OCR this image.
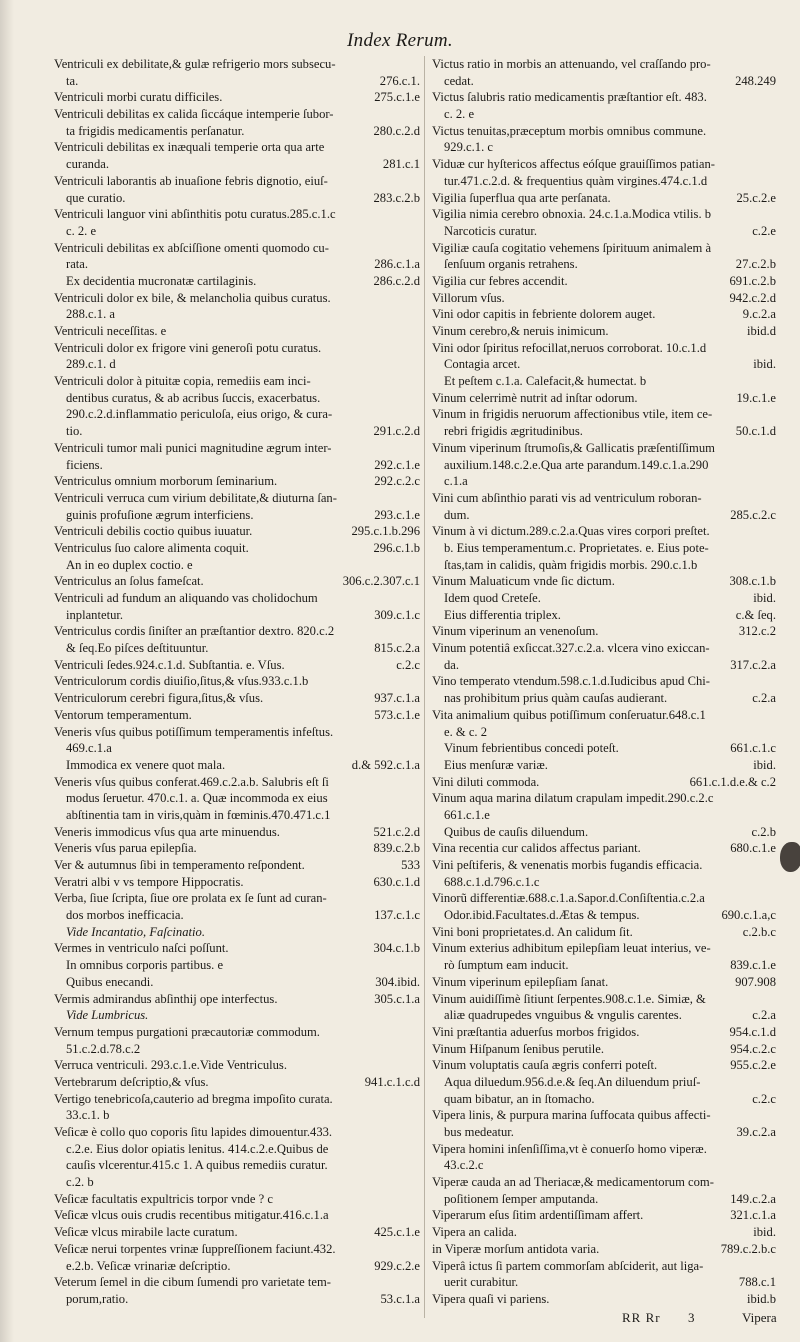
Index Rerum.
Ventriculi ex debilitate,& gulæ refrigerio mors subsecu-
ta.	276.c.1.
Ventriculi morbi curatu difficiles.	275.c.1.e
Ventriculi debilitas ex calida ſiccáque intemperie ſubor-
ta frigidis medicamentis perſanatur.	280.c.2.d
Ventriculi debilitas ex inæquali temperie orta qua arte
curanda.	281.c.1
Ventriculi laborantis ab inuaſione febris dignotio, eiuſ-
que curatio.	283.c.2.b
Ventriculi languor vini abſinthitis potu curatus.285.c.1.c
c. 2. e
Ventriculi debilitas ex abſciſſione omenti quomodo cu-
rata.	286.c.1.a
Ex decidentia mucronatæ cartilaginis.	286.c.2.d
Ventriculi dolor ex bile, & melancholia quibus curatus.
288.c.1. a
Ventriculi neceſſitas. e
Ventriculi dolor ex frigore vini generoſi potu curatus.
289.c.1. d
Ventriculi dolor à pituitæ copia, remediis eam inci-
dentibus curatus, & ab acribus ſuccis, exacerbatus.
290.c.2.d.inflammatio periculoſa, eius origo, & cura-
tio.	291.c.2.d
Ventriculi tumor mali punici magnitudine ægrum inter-
ficiens.	292.c.1.e
Ventriculus omnium morborum ſeminarium.	292.c.2.c
Ventriculi verruca cum virium debilitate,& diuturna ſan-
guinis profuſione ægrum interficiens.	293.c.1.e
Ventriculi debilis coctio quibus iuuatur.	295.c.1.b.296
Ventriculus ſuo calore alimenta coquit.	296.c.1.b
An in eo duplex coctio. e
Ventriculus an ſolus fameſcat.	306.c.2.307.c.1
Ventriculi ad fundum an aliquando vas cholidochum
inplantetur.	309.c.1.c
Ventriculus cordis ſiniſter an præſtantior dextro. 820.c.2
& ſeq.Eo piſces deſtituuntur.	815.c.2.a
Ventriculi ſedes.924.c.1.d. Subſtantia. e. Vſus.	c.2.c
Ventriculorum cordis diuiſio,ſitus,& vſus.933.c.1.b
Ventriculorum cerebri figura,ſitus,& vſus.	937.c.1.a
Ventorum temperamentum.	573.c.1.e
Veneris vſus quibus potiſſimum temperamentis infeſtus.
469.c.1.a
Immodica ex venere quot mala.	d.& 592.c.1.a
Veneris vſus quibus conferat.469.c.2.a.b. Salubris eſt ſi
modus ſeruetur. 470.c.1. a. Quæ incommoda ex eius
abſtinentia tam in viris,quàm in fœminis.470.471.c.1
Veneris immodicus vſus qua arte minuendus.	521.c.2.d
Veneris vſus parua epilepſia.	839.c.2.b
Ver & autumnus ſibi in temperamento reſpondent.	533
Veratri albi v vs tempore Hippocratis.	630.c.1.d
Verba, ſiue ſcripta, ſiue ore prolata ex ſe ſunt ad curan-
dos morbos inefficacia.	137.c.1.c
Vide Incantatio, Faſcinatio.
Vermes in ventriculo naſci poſſunt.	304.c.1.b
In omnibus corporis partibus. e
Quibus enecandi.	304.ibid.
Vermis admirandus abſinthij ope interfectus.	305.c.1.a
Vide Lumbricus.
Vernum tempus purgationi præcautoriæ commodum.
51.c.2.d.78.c.2
Verruca ventriculi. 293.c.1.e.Vide Ventriculus.
Vertebrarum deſcriptio,& vſus.	941.c.1.c.d
Vertigo tenebricoſa,cauterio ad bregma impoſito curata.
33.c.1. b
Veſicæ è collo quo coporis ſitu lapides dimouentur.433.
c.2.e. Eius dolor opiatis lenitus. 414.c.2.e.Quibus de
cauſis vlcerentur.415.c 1. A quibus remediis curatur.
c.2. b
Veſicæ facultatis expultricis torpor vnde ? c
Veſicæ vlcus ouis crudis recentibus mitigatur.416.c.1.a
Veſicæ vlcus mirabile lacte curatum.	425.c.1.e
Veſicæ nerui torpentes vrinæ ſuppreſſionem faciunt.432.
e.2.b. Veſicæ vrinariæ deſcriptio.	929.c.2.e
Veterum ſemel in die cibum ſumendi pro varietate tem-
porum,ratio.	53.c.1.a
Victus ratio in morbis an attenuando, vel craſſando pro-
cedat.	248.249
Victus ſalubris ratio medicamentis præſtantior eſt. 483.
c. 2. e
Victus tenuitas,præceptum morbis omnibus commune.
929.c.1. c
Viduæ cur hyſtericos affectus eóſque grauiſſimos patian-
tur.471.c.2.d. & frequentius quàm virgines.474.c.1.d
Vigilia ſuperflua qua arte perſanata.	25.c.2.e
Vigilia nimia cerebro obnoxia. 24.c.1.a.Modica vtilis. b
Narcoticis curatur.	c.2.e
Vigiliæ cauſa cogitatio vehemens ſpirituum animalem à
ſenſuum organis retrahens.	27.c.2.b
Vigilia cur febres accendit.	691.c.2.b
Villorum vſus.	942.c.2.d
Vini odor capitis in febriente dolorem auget.	9.c.2.a
Vinum cerebro,& neruis inimicum.	ibid.d
Vini odor ſpiritus refocillat,neruos corroborat. 10.c.1.d
Contagia arcet.	ibid.
Et peſtem c.1.a. Calefacit,& humectat. b
Vinum celerrimè nutrit ad inſtar odorum.	19.c.1.e
Vinum in frigidis neruorum affectionibus vtile, item ce-
rebri frigidis ægritudinibus.	50.c.1.d
Vinum viperinum ſtrumoſis,& Gallicatis præſentiſſimum
auxilium.148.c.2.e.Qua arte parandum.149.c.1.a.290
c.1.a
Vini cum abſinthio parati vis ad ventriculum roboran-
dum.	285.c.2.c
Vinum à vi dictum.289.c.2.a.Quas vires corpori preſtet.
b. Eius temperamentum.c. Proprietates. e. Eius pote-
ſtas,tam in calidis, quàm frigidis morbis. 290.c.1.b
Vinum Maluaticum vnde ſic dictum.	308.c.1.b
Idem quod Creteſe.	ibid.
Eius differentia triplex.	c.& ſeq.
Vinum viperinum an venenoſum.	312.c.2
Vinum potentiâ exſiccat.327.c.2.a. vlcera vino exiccan-
da.	317.c.2.a
Vino temperato vtendum.598.c.1.d.Iudicibus apud Chi-
nas prohibitum prius quàm cauſas audierant.	c.2.a
Vita animalium quibus potiſſimum conſeruatur.648.c.1
e. & c. 2
Vinum febrientibus concedi poteſt.	661.c.1.c
Eius menſuræ variæ.	ibid.
Vini diluti commoda.	661.c.1.d.e.& c.2
Vinum aqua marina dilatum crapulam impedit.290.c.2.c
661.c.1.e
Quibus de cauſis diluendum.	c.2.b
Vina recentia cur calidos affectus pariant.	680.c.1.e
Vini peſtiferis, & venenatis morbis fugandis efficacia.
688.c.1.d.796.c.1.c
Vinorũ differentiæ.688.c.1.a.Sapor.d.Conſiſtentia.c.2.a
Odor.ibid.Facultates.d.Ætas & tempus.	690.c.1.a,c
Vini boni proprietates.d. An calidum ſit.	c.2.b.c
Vinum exterius adhibitum epilepſiam leuat interius, ve-
rò ſumptum eam inducit.	839.c.1.e
Vinum viperinum epilepſiam ſanat.	907.908
Vinum auidiſſimè ſitiunt ſerpentes.908.c.1.e. Simiæ, &
aliæ quadrupedes vnguibus & vngulis carentes.	c.2.a
Vini præſtantia aduerſus morbos frigidos.	954.c.1.d
Vinum Hiſpanum ſenibus perutile.	954.c.2.c
Vinum voluptatis cauſa ægris conferri poteſt.	955.c.2.e
Aqua diluedum.956.d.e.& ſeq.An diluendum priuſ-
quam bibatur, an in ſtomacho.	c.2.c
Vipera linis, & purpura marina ſuffocata quibus affecti-
bus medeatur.	39.c.2.a
Vipera homini inſenſiſſima,vt è conuerſo homo viperæ.
43.c.2.c
Viperæ cauda an ad Theriacæ,& medicamentorum com-
poſitionem ſemper amputanda.	149.c.2.a
Viperarum eſus ſitim ardentiſſimam affert.	321.c.1.a
Vipera an calida.	ibid.
in Viperæ morſum antidota varia.	789.c.2.b.c
Viperâ ictus ſi partem commorſam abſciderit, aut liga-
uerit curabitur.	788.c.1
Vipera quaſi vi pariens.	ibid.b
RR Rr 3	Vipera
